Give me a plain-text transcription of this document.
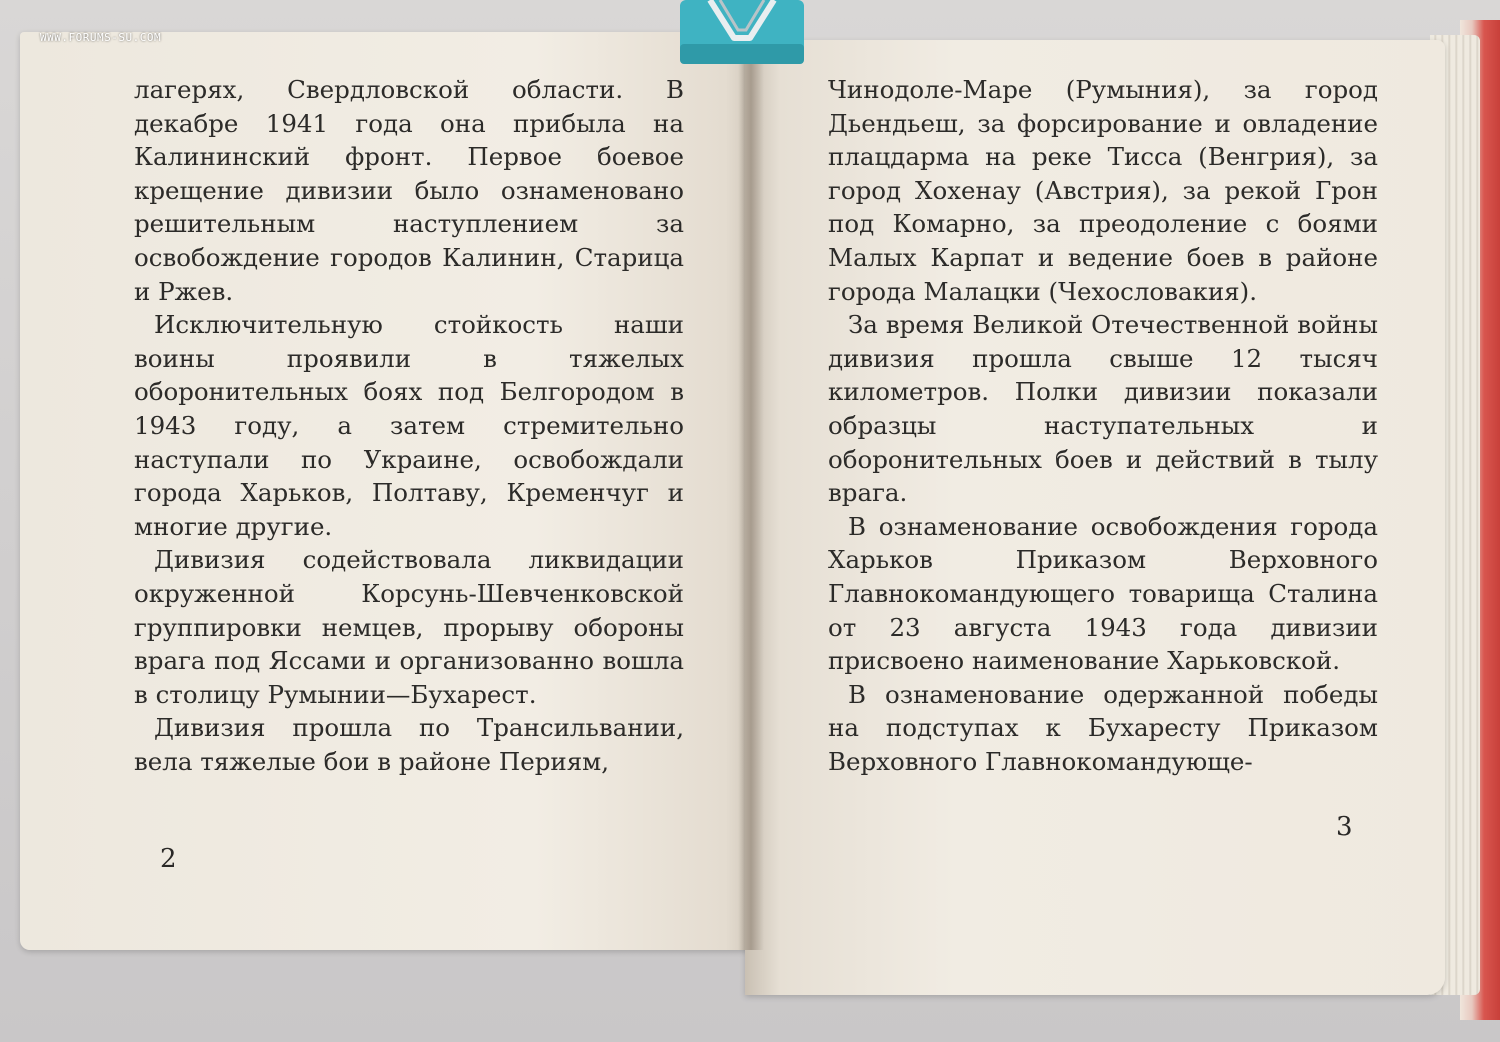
лагерях, Свердловской области. В декабре 1941 года она прибыла на Калининский фронт. Первое боевое крещение дивизии было ознаменовано решительным наступлением за освобождение городов Калинин, Старица и Ржев.

Исключительную стойкость наши воины проявили в тяжелых оборонительных боях под Белгородом в 1943 году, а затем стремительно наступали по Украине, освобождали города Харьков, Полтаву, Кременчуг и многие другие.

Дивизия содействовала ликвидации окруженной Корсунь-Шевченковской группировки немцев, прорыву обороны врага под Яссами и организованно вошла в столицу Румынии—Бухарест.

Дивизия прошла по Трансильвании, вела тяжелые бои в районе Периям,

2

Чинодоле-Маре (Румыния), за город Дьендьеш, за форсирование и овладение плацдарма на реке Тисса (Венгрия), за город Хохенау (Австрия), за рекой Грон под Комарно, за преодоление с боями Малых Карпат и ведение боев в районе города Малацки (Чехословакия).

За время Великой Отечественной войны дивизия прошла свыше 12 тысяч километров. Полки дивизии показали образцы наступательных и оборонительных боев и действий в тылу врага.

В ознаменование освобождения города Харьков Приказом Верховного Главнокомандующего товарища Сталина от 23 августа 1943 года дивизии присвоено наименование Харьковской.

В ознаменование одержанной победы на подступах к Бухаресту Приказом Верховного Главнокомандующе-

3
WWW.FORUMS-SU.COM
